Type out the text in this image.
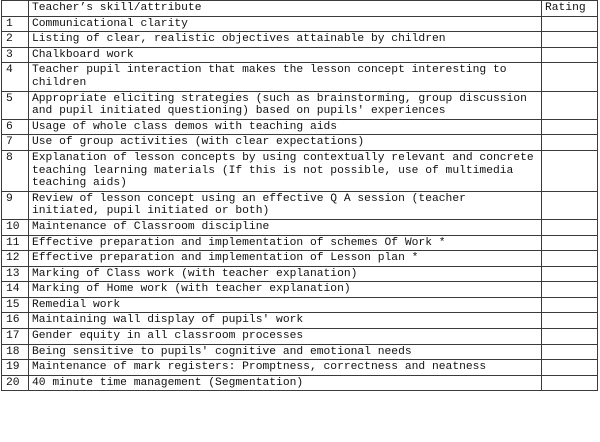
	Teacher’s skill/attribute	Rating
1	Communicational clarity	
2	Listing of clear, realistic objectives attainable by children	
3	Chalkboard work	
4	Teacher pupil interaction that makes the lesson concept interesting to children	
5	Appropriate eliciting strategies (such as brainstorming, group discussion and pupil initiated questioning) based on pupils' experiences	
6	Usage of whole class demos with teaching aids	
7	Use of group activities (with clear expectations)	
8	Explanation of lesson concepts by using contextually relevant and concrete teaching learning materials (If this is not possible, use of multimedia teaching aids)	
9	Review of lesson concept using an effective Q A session (teacher initiated, pupil initiated or both)	
10	Maintenance of Classroom discipline	
11	Effective preparation and implementation of schemes Of Work *	
12	Effective preparation and implementation of Lesson plan *	
13	Marking of Class work (with teacher explanation)	
14	Marking of Home work (with teacher explanation)	
15	Remedial work	
16	Maintaining wall display of pupils' work	
17	Gender equity in all classroom processes	
18	Being sensitive to pupils' cognitive and emotional needs	
19	Maintenance of mark registers: Promptness, correctness and neatness	
20	40 minute time management (Segmentation)	
